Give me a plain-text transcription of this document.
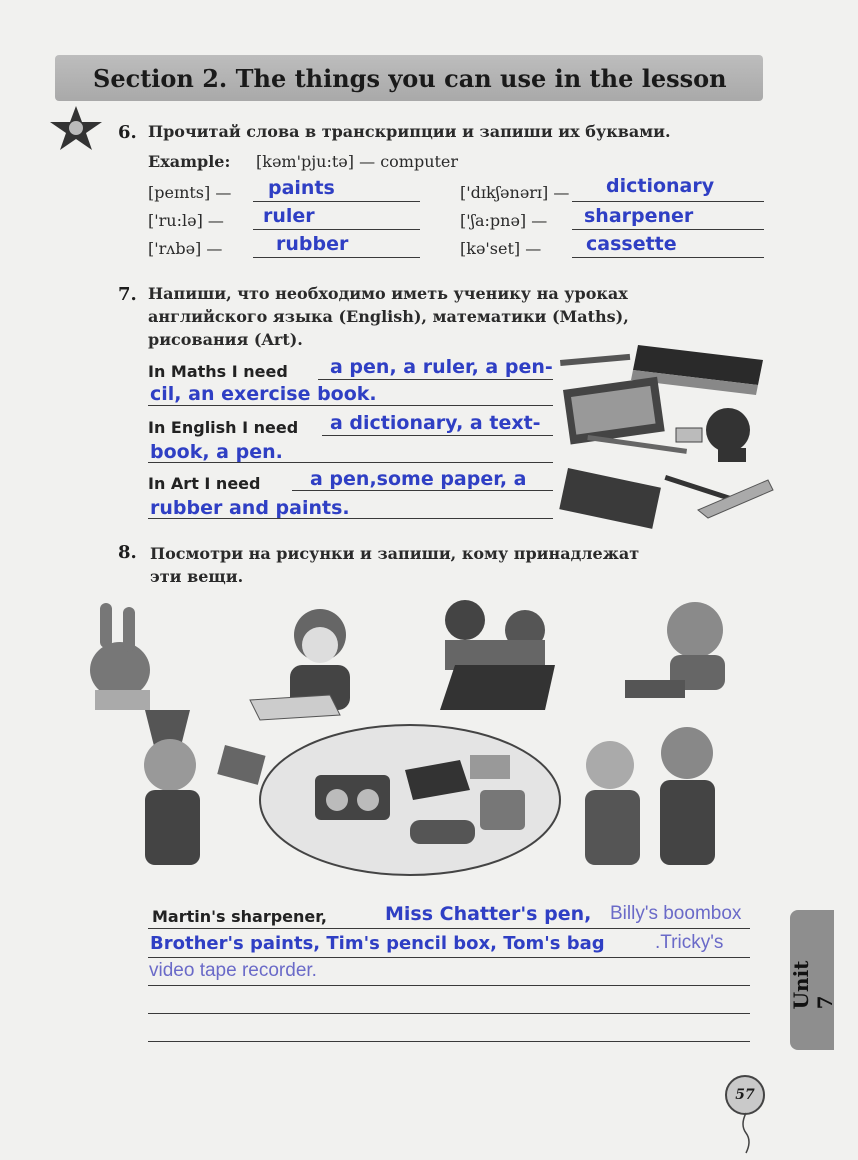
Section 2. The things you can use in the lesson
6. Прочитай слова в транскрипции и запиши их буквами.
Example: [kəm'pju:tə] — computer
[peɪnts] — paints	['dɪkʃənərɪ] — dictionary
['ru:lə] — ruler	['ʃa:pnə] — sharpener
['rʌbə] —	rubber	[kə'set] — cassette
7. Напиши, что необходимо иметь ученику на уроках
английского языка (English), математики (Maths),
рисования (Art).
In Maths I need a pen, a ruler, a pen-
cil, an exercise book.
In English I need a dictionary, a text-
book, a pen.
In Art I need	a pen,some paper, a
rubber and paints.
8. Посмотри на рисунки и запиши, кому принадлежат
эти вещи.
Martin's sharpener,	Miss Chatter's pen, Billy's boombox
Brother's paints, Tim's pencil box, Tom's bag	.Tricky's
video tape recorder.	Unit 7
57
